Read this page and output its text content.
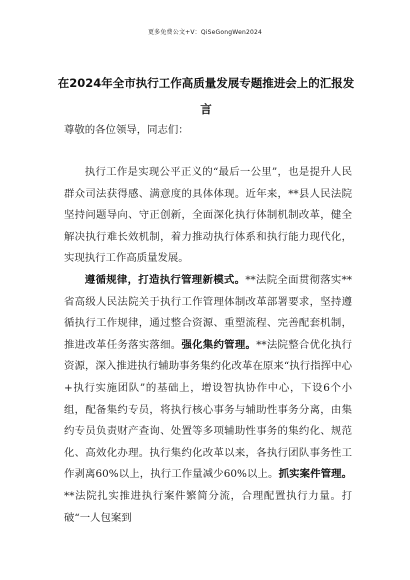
更多免费公文+V：QiSeGongWen2024
在2024年全市执行工作高质量发展专题推进会上的汇报发言
尊敬的各位领导，同志们：
执行工作是实现公平正义的“最后一公里”，也是提升人民群众司法获得感、满意度的具体体现。近年来，**县人民法院坚持问题导向、守正创新，全面深化执行体制机制改革，健全解决执行难长效机制，着力推动执行体系和执行能力现代化，实现执行工作高质量发展。
遵循规律，打造执行管理新模式。**法院全面贯彻落实**省高级人民法院关于执行工作管理体制改革部署要求，坚持遵循执行工作规律，通过整合资源、重塑流程、完善配套机制，推进改革任务落实落细。强化集约管理。**法院整合优化执行资源，深入推进执行辅助事务集约化改革在原来“执行指挥中心+执行实施团队”的基础上，增设智执协作中心，下设6个小组，配备集约专员，将执行核心事务与辅助性事务分离，由集约专员负责财产查询、处置等多项辅助性事务的集约化、规范化、高效化办理。执行集约化改革以来，各执行团队事务性工作剥离60%以上，执行工作量减少60%以上。抓实案件管理。**法院扎实推进执行案件繁简分流，合理配置执行力量。打破“一人包案到
